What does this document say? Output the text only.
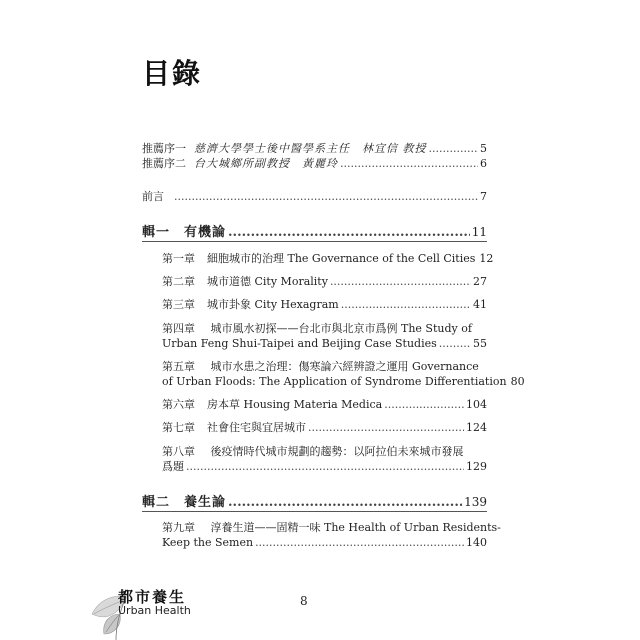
目錄
推薦序一 慈濟大學學士後中醫學系主任　林宜信 教授 .....	5
推薦序二 台大城鄉所副教授　黃麗玲 .....	6
前言 .....	7
輯一 有機論 .....	11
第一章 細胞城市的治理 The Governance of the Cell Cities 12
第二章 城市道德 City Morality .....	27
第三章 城市卦象 City Hexagram .....	41
第四章 城市風水初探——台北市與北京市爲例 The Study of
Urban Feng Shui-Taipei and Beijing Case Studies .....	55
第五章 城市水患之治理：傷寒論六經辨證之運用 Governance
of Urban Floods: The Application of Syndrome Differentiation 80
第六章 房本草 Housing Materia Medica .....	104
第七章 社會住宅與宜居城市 .....	124
第八章 後疫情時代城市規劃的趨勢：以阿拉伯未來城市發展
爲題 .....	129
輯二 養生論 .....	139
第九章 淳養生道——固精一味 The Health of Urban Residents-
Keep the Semen .....	140
都市養生
Urban Health
8
